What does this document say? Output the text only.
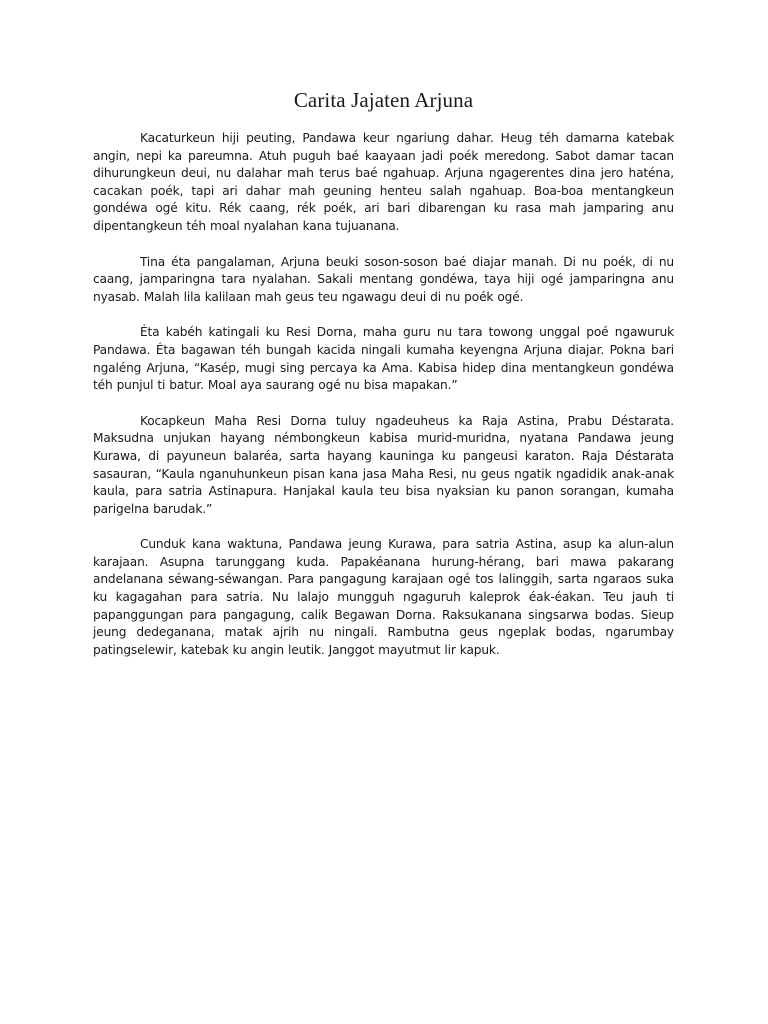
Carita Jajaten Arjuna

Kacaturkeun hiji peuting, Pandawa keur ngariung dahar. Heug téh damarna katebak angin, nepi ka pareumna. Atuh puguh baé kaayaan jadi poék meredong. Sabot damar tacan dihurungkeun deui, nu dalahar mah terus baé ngahuap. Arjuna ngagerentes dina jero haténa, cacakan poék, tapi ari dahar mah geuning henteu salah ngahuap. Boa-boa mentangkeun gondéwa ogé kitu. Rék caang, rék poék, ari bari dibarengan ku rasa mah jamparing anu dipentangkeun téh moal nyalahan kana tujuanana.

Tina éta pangalaman, Arjuna beuki soson-soson baé diajar manah. Di nu poék, di nu caang, jamparingna tara nyalahan. Sakali mentang gondéwa, taya hiji ogé jamparingna anu nyasab. Malah lila kalilaan mah geus teu ngawagu deui di nu poék ogé.

Éta kabéh katingali ku Resi Dorna, maha guru nu tara towong unggal poé ngawuruk Pandawa. Éta bagawan téh bungah kacida ningali kumaha keyengna Arjuna diajar. Pokna bari ngaléng Arjuna, “Kasép, mugi sing percaya ka Ama. Kabisa hidep dina mentangkeun gondéwa téh punjul ti batur. Moal aya saurang ogé nu bisa mapakan.”

Kocapkeun Maha Resi Dorna tuluy ngadeuheus ka Raja Astina, Prabu Déstarata. Maksudna unjukan hayang némbongkeun kabisa murid-muridna, nyatana Pandawa jeung Kurawa, di payuneun balaréa, sarta hayang kauninga ku pangeusi karaton. Raja Déstarata sasauran, “Kaula nganuhunkeun pisan kana jasa Maha Resi, nu geus ngatik ngadidik anak-anak kaula, para satria Astinapura. Hanjakal kaula teu bisa nyaksian ku panon sorangan, kumaha parigelna barudak.”

Cunduk kana waktuna, Pandawa jeung Kurawa, para satria Astina, asup ka alun-alun karajaan. Asupna tarunggang kuda. Papakéanana hurung-hérang, bari mawa pakarang andelanana séwang-séwangan. Para pangagung karajaan ogé tos lalinggih, sarta ngaraos suka ku kagagahan para satria. Nu lalajo mungguh ngaguruh kaleprok éak-éakan. Teu jauh ti papanggungan para pangagung, calik Begawan Dorna. Raksukanana singsarwa bodas. Sieup jeung dedeganana, matak ajrih nu ningali. Rambutna geus ngeplak bodas, ngarumbay patingselewir, katebak ku angin leutik. Janggot mayutmut lir kapuk.
